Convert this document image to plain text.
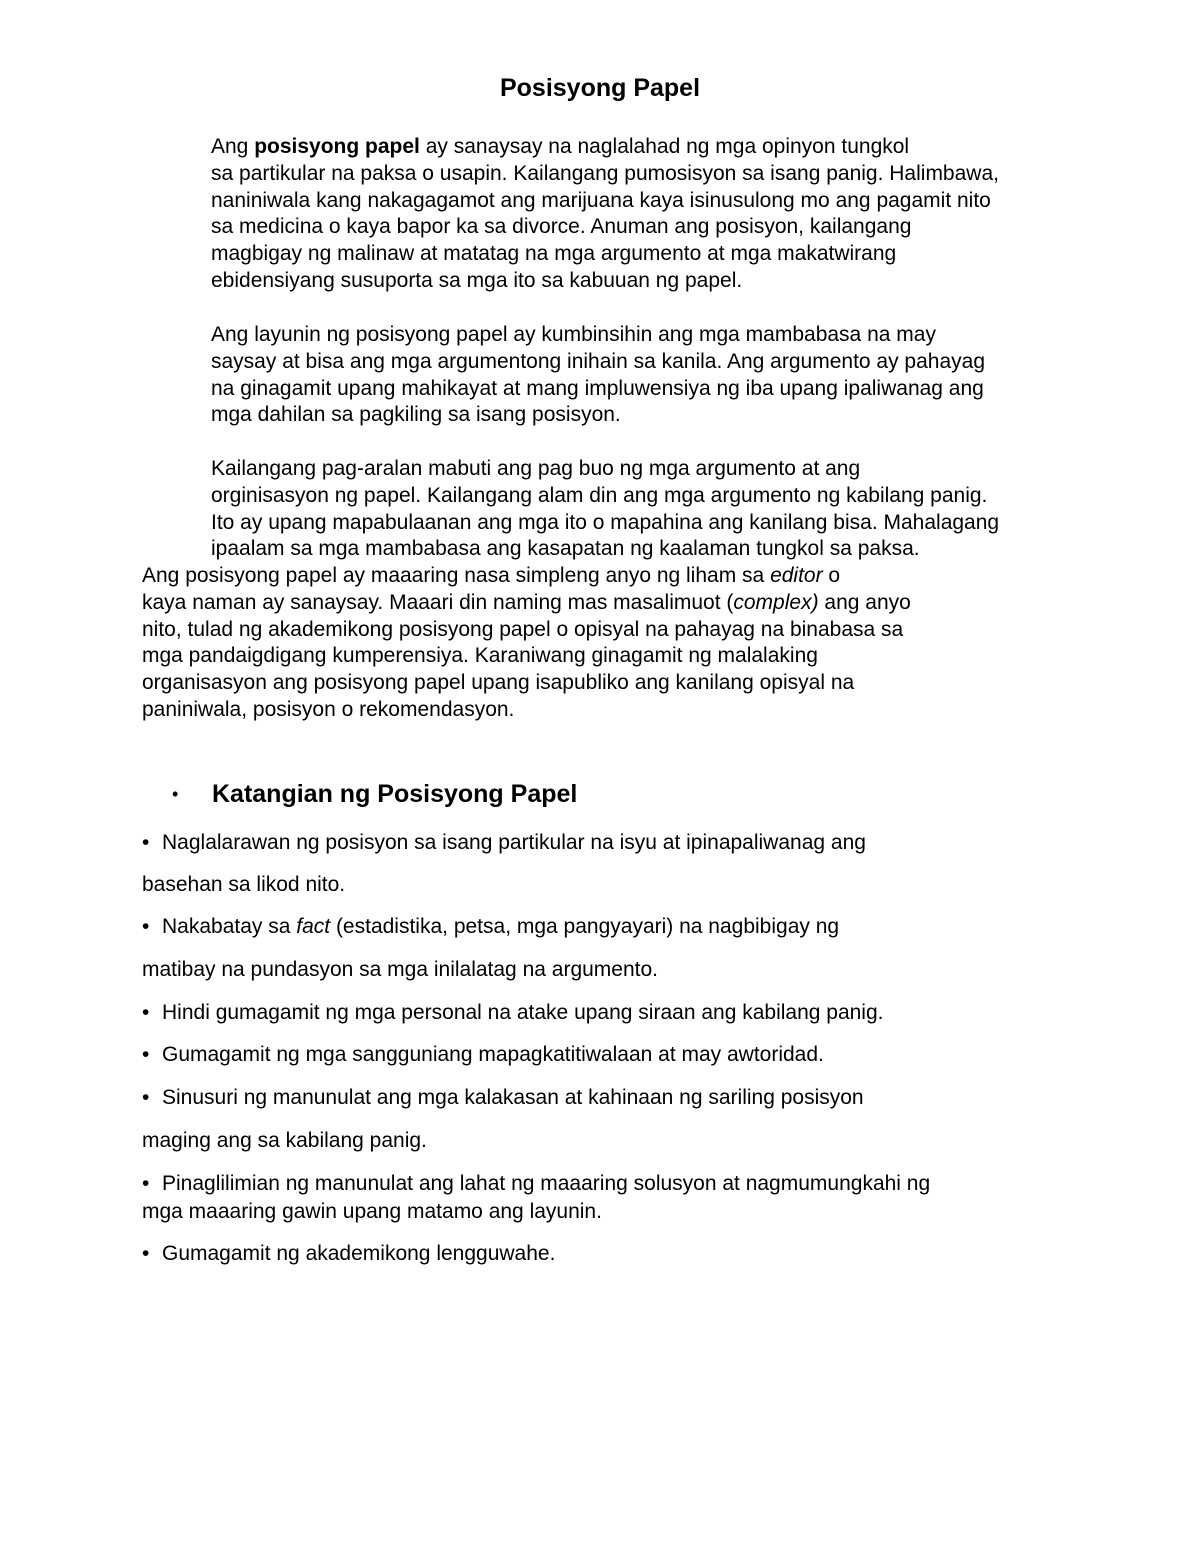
Posisyong Papel
Ang posisyong papel ay sanaysay na naglalahad ng mga opinyon tungkol
sa partikular na paksa o usapin. Kailangang pumosisyon sa isang panig. Halimbawa,
naniniwala kang nakagagamot ang marijuana kaya isinusulong mo ang pagamit nito
sa medicina o kaya bapor ka sa divorce. Anuman ang posisyon, kailangang
magbigay ng malinaw at matatag na mga argumento at mga makatwirang
ebidensiyang susuporta sa mga ito sa kabuuan ng papel.
Ang layunin ng posisyong papel ay kumbinsihin ang mga mambabasa na may
saysay at bisa ang mga argumentong inihain sa kanila. Ang argumento ay pahayag
na ginagamit upang mahikayat at mang impluwensiya ng iba upang ipaliwanag ang
mga dahilan sa pagkiling sa isang posisyon.
Kailangang pag-aralan mabuti ang pag buo ng mga argumento at ang
orginisasyon ng papel. Kailangang alam din ang mga argumento ng kabilang panig.
Ito ay upang mapabulaanan ang mga ito o mapahina ang kanilang bisa. Mahalagang
ipaalam sa mga mambabasa ang kasapatan ng kaalaman tungkol sa paksa.
Ang posisyong papel ay maaaring nasa simpleng anyo ng liham sa editor o
kaya naman ay sanaysay. Maaari din naming mas masalimuot (complex) ang anyo
nito, tulad ng akademikong posisyong papel o opisyal na pahayag na binabasa sa
mga pandaigdigang kumperensiya. Karaniwang ginagamit ng malalaking
organisasyon ang posisyong papel upang isapubliko ang kanilang opisyal na
paniniwala, posisyon o rekomendasyon.
•	Katangian ng Posisyong Papel
• Naglalarawan ng posisyon sa isang partikular na isyu at ipinapaliwanag ang
basehan sa likod nito.
• Nakabatay sa fact (estadistika, petsa, mga pangyayari) na nagbibigay ng
matibay na pundasyon sa mga inilalatag na argumento.
• Hindi gumagamit ng mga personal na atake upang siraan ang kabilang panig.
• Gumagamit ng mga sangguniang mapagkatitiwalaan at may awtoridad.
• Sinusuri ng manunulat ang mga kalakasan at kahinaan ng sariling posisyon
maging ang sa kabilang panig.
• Pinaglilimian ng manunulat ang lahat ng maaaring solusyon at nagmumungkahi ng
mga maaaring gawin upang matamo ang layunin.
• Gumagamit ng akademikong lengguwahe.
